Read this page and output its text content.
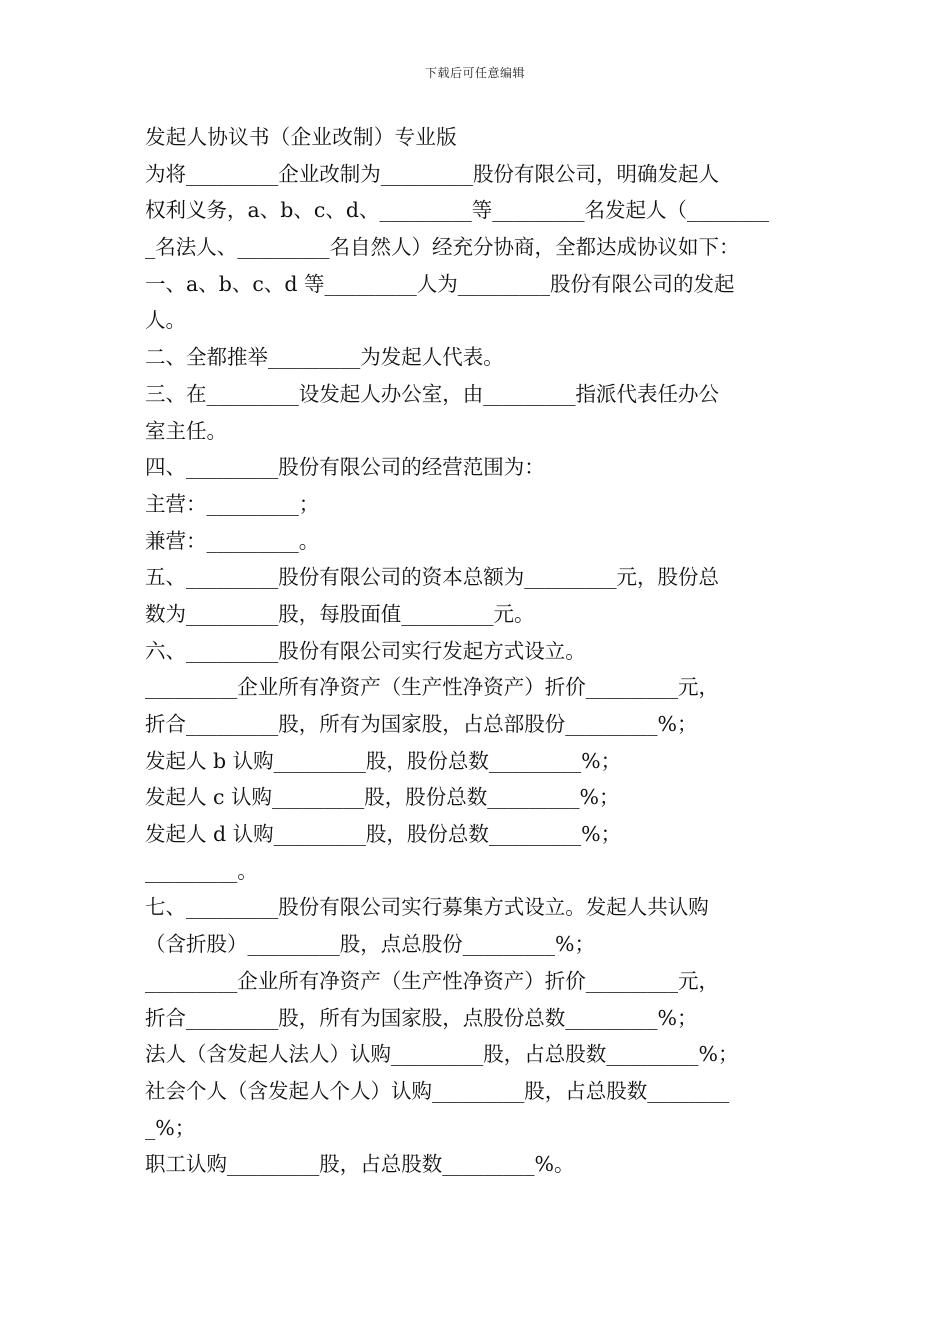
下载后可任意编辑
发起人协议书（企业改制）专业版
为将_________企业改制为_________股份有限公司，明确发起人
权利义务，a、b、c、d、_________等_________名发起人（________
_名法人、_________名自然人）经充分协商，全都达成协议如下：
一、a、b、c、d 等_________人为_________股份有限公司的发起
人。
二、全都推举_________为发起人代表。
三、在_________设发起人办公室，由_________指派代表任办公
室主任。
四、_________股份有限公司的经营范围为：
主营：_________；
兼营：_________。
五、_________股份有限公司的资本总额为_________元，股份总
数为_________股，每股面值_________元。
六、_________股份有限公司实行发起方式设立。
_________企业所有净资产（生产性净资产）折价_________元，
折合_________股，所有为国家股，占总部股份_________%；
发起人 b 认购_________股，股份总数_________%；
发起人 c 认购_________股，股份总数_________%；
发起人 d 认购_________股，股份总数_________%；
_________。
七、_________股份有限公司实行募集方式设立。发起人共认购
（含折股）_________股，点总股份_________%；
_________企业所有净资产（生产性净资产）折价_________元，
折合_________股，所有为国家股，点股份总数_________%；
法人（含发起人法人）认购_________股，占总股数_________%；
社会个人（含发起人个人）认购_________股，占总股数________
_%；
职工认购_________股，占总股数_________%。
